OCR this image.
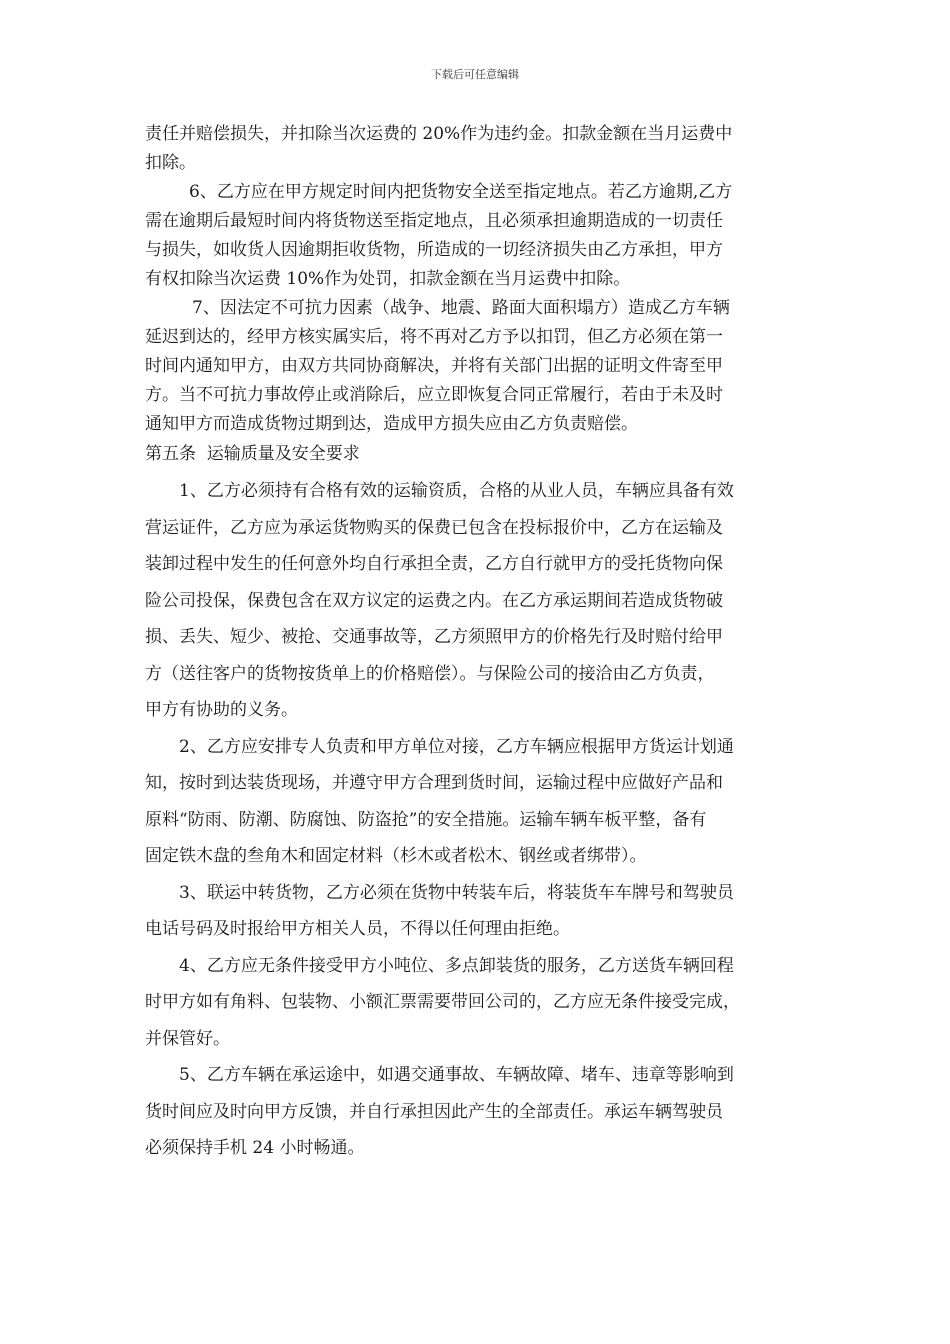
下载后可任意编辑
责任并赔偿损失，并扣除当次运费的 20%作为违约金。扣款金额在当月运费中
扣除。
6、乙方应在甲方规定时间内把货物安全送至指定地点。若乙方逾期,乙方
需在逾期后最短时间内将货物送至指定地点，且必须承担逾期造成的一切责任
与损失，如收货人因逾期拒收货物，所造成的一切经济损失由乙方承担，甲方
有权扣除当次运费 10%作为处罚，扣款金额在当月运费中扣除。
7、因法定不可抗力因素（战争、地震、路面大面积塌方）造成乙方车辆
延迟到达的，经甲方核实属实后，将不再对乙方予以扣罚，但乙方必须在第一
时间内通知甲方，由双方共同协商解决，并将有关部门出据的证明文件寄至甲
方。当不可抗力事故停止或消除后，应立即恢复合同正常履行，若由于未及时
通知甲方而造成货物过期到达，造成甲方损失应由乙方负责赔偿。
第五条  运输质量及安全要求
1、乙方必须持有合格有效的运输资质，合格的从业人员，车辆应具备有效
营运证件，乙方应为承运货物购买的保费已包含在投标报价中，乙方在运输及
装卸过程中发生的任何意外均自行承担全责，乙方自行就甲方的受托货物向保
险公司投保，保费包含在双方议定的运费之内。在乙方承运期间若造成货物破
损、丢失、短少、被抢、交通事故等，乙方须照甲方的价格先行及时赔付给甲
方（送往客户的货物按货单上的价格赔偿）。与保险公司的接洽由乙方负责，
甲方有协助的义务。
2、乙方应安排专人负责和甲方单位对接，乙方车辆应根据甲方货运计划通
知，按时到达装货现场，并遵守甲方合理到货时间，运输过程中应做好产品和
原料“防雨、防潮、防腐蚀、防盗抢”的安全措施。运输车辆车板平整，备有
固定铁木盘的叁角木和固定材料（杉木或者松木、钢丝或者绑带）。
3、联运中转货物，乙方必须在货物中转装车后，将装货车车牌号和驾驶员
电话号码及时报给甲方相关人员，不得以任何理由拒绝。
4、乙方应无条件接受甲方小吨位、多点卸装货的服务，乙方送货车辆回程
时甲方如有角料、包装物、小额汇票需要带回公司的，乙方应无条件接受完成，
并保管好。
5、乙方车辆在承运途中，如遇交通事故、车辆故障、堵车、违章等影响到
货时间应及时向甲方反馈，并自行承担因此产生的全部责任。承运车辆驾驶员
必须保持手机 24 小时畅通。
